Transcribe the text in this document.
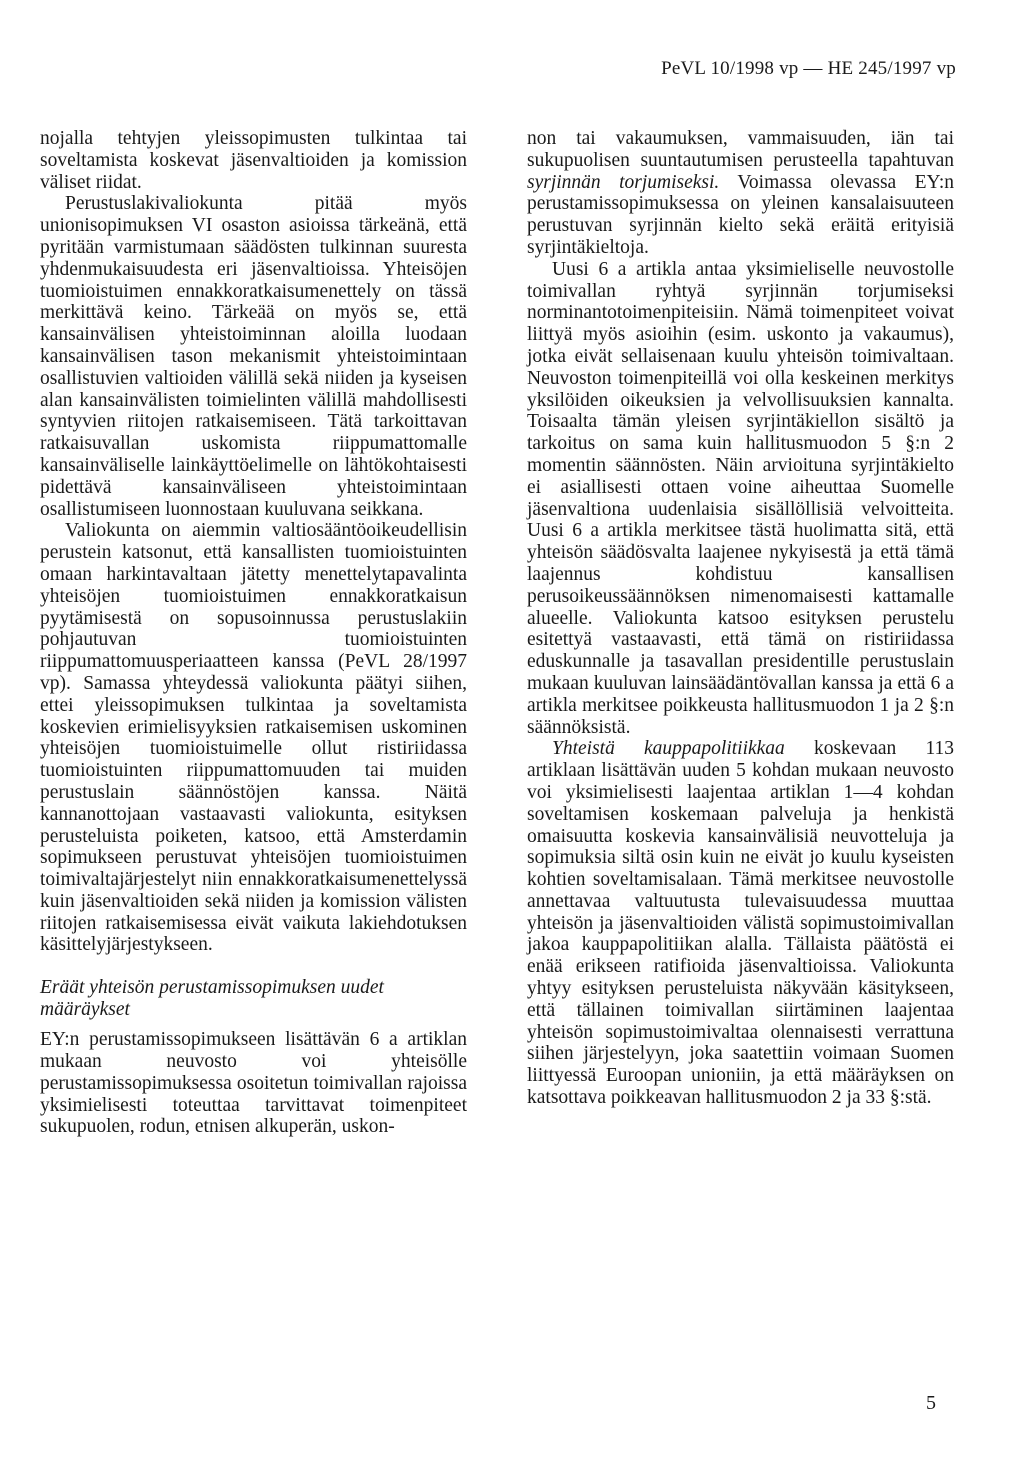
PeVL 10/1998 vp — HE 245/1997 vp

nojalla tehtyjen yleissopimusten tulkintaa tai soveltamista koskevat jäsenvaltioiden ja komission väliset riidat.

Perustuslakivaliokunta pitää myös unionisopimuksen VI osaston asioissa tärkeänä, että pyritään varmistumaan säädösten tulkinnan suuresta yhdenmukaisuudesta eri jäsenvaltioissa. Yhteisöjen tuomioistuimen ennakkoratkaisumenettely on tässä merkittävä keino. Tärkeää on myös se, että kansainvälisen yhteistoiminnan aloilla luodaan kansainvälisen tason mekanismit yhteistoimintaan osallistuvien valtioiden välillä sekä niiden ja kyseisen alan kansainvälisten toimielinten välillä mahdollisesti syntyvien riitojen ratkaisemiseen. Tätä tarkoittavan ratkaisuvallan uskomista riippumattomalle kansainväliselle lainkäyttöelimelle on lähtökohtaisesti pidettävä kansainväliseen yhteistoimintaan osallistumiseen luonnostaan kuuluvana seikkana.

Valiokunta on aiemmin valtiosääntöoikeudellisin perustein katsonut, että kansallisten tuomioistuinten omaan harkintavaltaan jätetty menettelytapavalinta yhteisöjen tuomioistuimen ennakkoratkaisun pyytämisestä on sopusoinnussa perustuslakiin pohjautuvan tuomioistuinten riippumattomuusperiaatteen kanssa (PeVL 28/1997 vp). Samassa yhteydessä valiokunta päätyi siihen, ettei yleissopimuksen tulkintaa ja soveltamista koskevien erimielisyyksien ratkaisemisen uskominen yhteisöjen tuomioistuimelle ollut ristiriidassa tuomioistuinten riippumattomuuden tai muiden perustuslain säännöstöjen kanssa. Näitä kannanottojaan vastaavasti valiokunta, esityksen perusteluista poiketen, katsoo, että Amsterdamin sopimukseen perustuvat yhteisöjen tuomioistuimen toimivaltajärjestelyt niin ennakkoratkaisumenettelyssä kuin jäsenvaltioiden sekä niiden ja komission välisten riitojen ratkaisemisessa eivät vaikuta lakiehdotuksen käsittelyjärjestykseen.

Eräät yhteisön perustamissopimuksen uudet määräykset

EY:n perustamissopimukseen lisättävän 6 a artiklan mukaan neuvosto voi yhteisölle perustamissopimuksessa osoitetun toimivallan rajoissa yksimielisesti toteuttaa tarvittavat toimenpiteet sukupuolen, rodun, etnisen alkuperän, uskon-

non tai vakaumuksen, vammaisuuden, iän tai sukupuolisen suuntautumisen perusteella tapahtuvan syrjinnän torjumiseksi. Voimassa olevassa EY:n perustamissopimuksessa on yleinen kansalaisuuteen perustuvan syrjinnän kielto sekä eräitä erityisiä syrjintäkieltoja.

Uusi 6 a artikla antaa yksimieliselle neuvostolle toimivallan ryhtyä syrjinnän torjumiseksi norminantotoimenpiteisiin. Nämä toimenpiteet voivat liittyä myös asioihin (esim. uskonto ja vakaumus), jotka eivät sellaisenaan kuulu yhteisön toimivaltaan. Neuvoston toimenpiteillä voi olla keskeinen merkitys yksilöiden oikeuksien ja velvollisuuksien kannalta. Toisaalta tämän yleisen syrjintäkiellon sisältö ja tarkoitus on sama kuin hallitusmuodon 5 §:n 2 momentin säännösten. Näin arvioituna syrjintäkielto ei asiallisesti ottaen voine aiheuttaa Suomelle jäsenvaltiona uudenlaisia sisällöllisiä velvoitteita. Uusi 6 a artikla merkitsee tästä huolimatta sitä, että yhteisön säädösvalta laajenee nykyisestä ja että tämä laajennus kohdistuu kansallisen perusoikeussäännöksen nimenomaisesti kattamalle alueelle. Valiokunta katsoo esityksen perustelu esitettyä vastaavasti, että tämä on ristiriidassa eduskunnalle ja tasavallan presidentille perustuslain mukaan kuuluvan lainsäädäntövallan kanssa ja että 6 a artikla merkitsee poikkeusta hallitusmuodon 1 ja 2 §:n säännöksistä.

Yhteistä kauppapolitiikkaa koskevaan 113 artiklaan lisättävän uuden 5 kohdan mukaan neuvosto voi yksimielisesti laajentaa artiklan 1—4 kohdan soveltamisen koskemaan palveluja ja henkistä omaisuutta koskevia kansainvälisiä neuvotteluja ja sopimuksia siltä osin kuin ne eivät jo kuulu kyseisten kohtien soveltamisalaan. Tämä merkitsee neuvostolle annettavaa valtuutusta tulevaisuudessa muuttaa yhteisön ja jäsenvaltioiden välistä sopimustoimivallan jakoa kauppapolitiikan alalla. Tällaista päätöstä ei enää erikseen ratifioida jäsenvaltioissa. Valiokunta yhtyy esityksen perusteluista näkyvään käsitykseen, että tällainen toimivallan siirtäminen laajentaa yhteisön sopimustoimivaltaa olennaisesti verrattuna siihen järjestelyyn, joka saatettiin voimaan Suomen liittyessä Euroopan unioniin, ja että määräyksen on katsottava poikkeavan hallitusmuodon 2 ja 33 §:stä.

5
